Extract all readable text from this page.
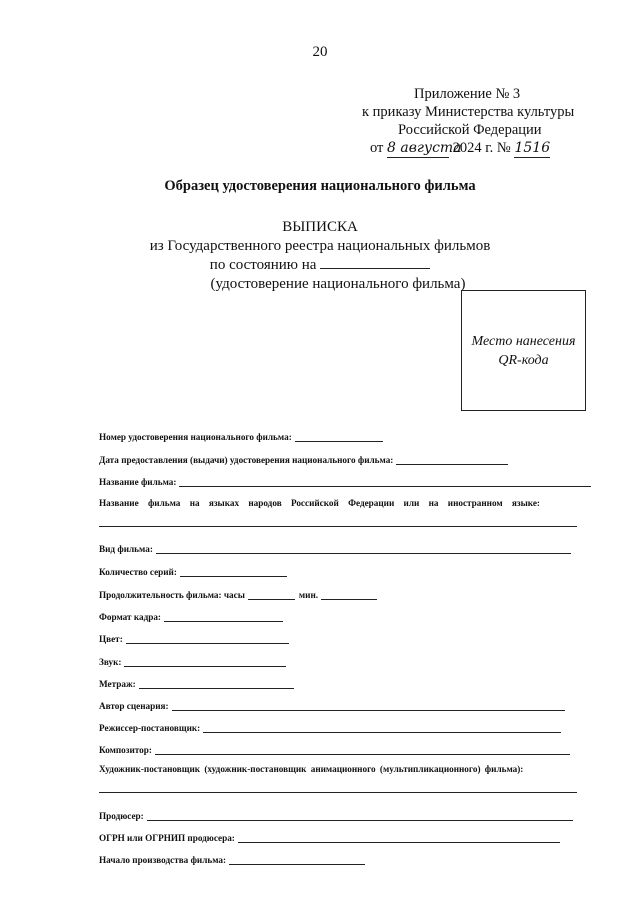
20
Приложение № 3
к приказу Министерства культуры
Российской Федерации
от 8 августа 2024 г. № 1516
Образец удостоверения национального фильма
ВЫПИСКА
из Государственного реестра национальных фильмов
по состоянию на
(удостоверение национального фильма)
Место нанесения
QR-кода
Номер удостоверения национального фильма:
Дата предоставления (выдачи) удостоверения национального фильма:
Название фильма:
Название фильма на языках народов Российской Федерации или на иностранном языке:
Вид фильма:
Количество серий:
Продолжительность фильма: часы	мин.
Формат кадра:
Цвет:
Звук:
Метраж:
Автор сценария:
Режиссер-постановщик:
Композитор:
Художник-постановщик (художник-постановщик анимационного (мультипликационного) фильма):
Продюсер:
ОГРН или ОГРНИП продюсера:
Начало производства фильма:
